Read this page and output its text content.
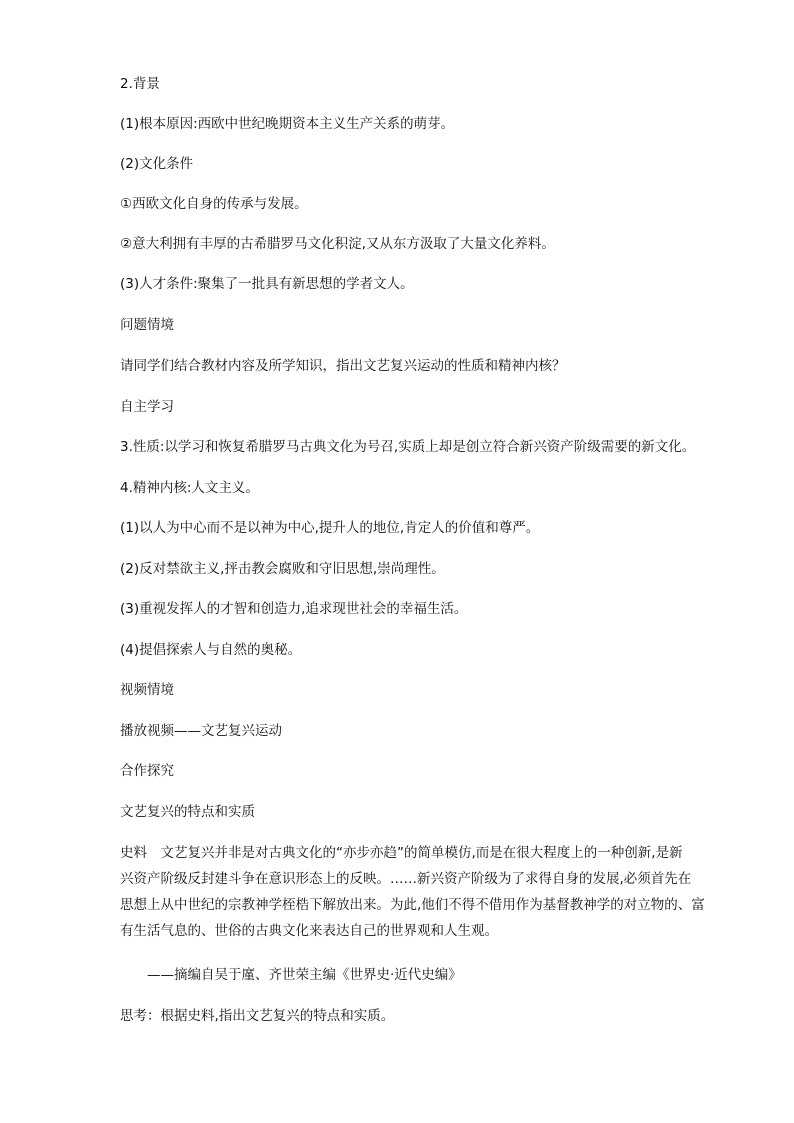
2.背景
(1)根本原因:西欧中世纪晚期资本主义生产关系的萌芽。
(2)文化条件
①西欧文化自身的传承与发展。
②意大利拥有丰厚的古希腊罗马文化积淀,又从东方汲取了大量文化养料。
(3)人才条件:聚集了一批具有新思想的学者文人。
问题情境
请同学们结合教材内容及所学知识，指出文艺复兴运动的性质和精神内核？
自主学习
3.性质:以学习和恢复希腊罗马古典文化为号召,实质上却是创立符合新兴资产阶级需要的新文化。
4.精神内核:人文主义。
(1)以人为中心而不是以神为中心,提升人的地位,肯定人的价值和尊严。
(2)反对禁欲主义,抨击教会腐败和守旧思想,崇尚理性。
(3)重视发挥人的才智和创造力,追求现世社会的幸福生活。
(4)提倡探索人与自然的奥秘。
视频情境
播放视频——文艺复兴运动
合作探究
文艺复兴的特点和实质
史料　文艺复兴并非是对古典文化的“亦步亦趋”的简单模仿,而是在很大程度上的一种创新,是新
兴资产阶级反封建斗争在意识形态上的反映。……新兴资产阶级为了求得自身的发展,必须首先在
思想上从中世纪的宗教神学桎梏下解放出来。为此,他们不得不借用作为基督教神学的对立物的、富
有生活气息的、世俗的古典文化来表达自己的世界观和人生观。
——摘编自吴于廑、齐世荣主编《世界史·近代史编》
思考：根据史料,指出文艺复兴的特点和实质。
